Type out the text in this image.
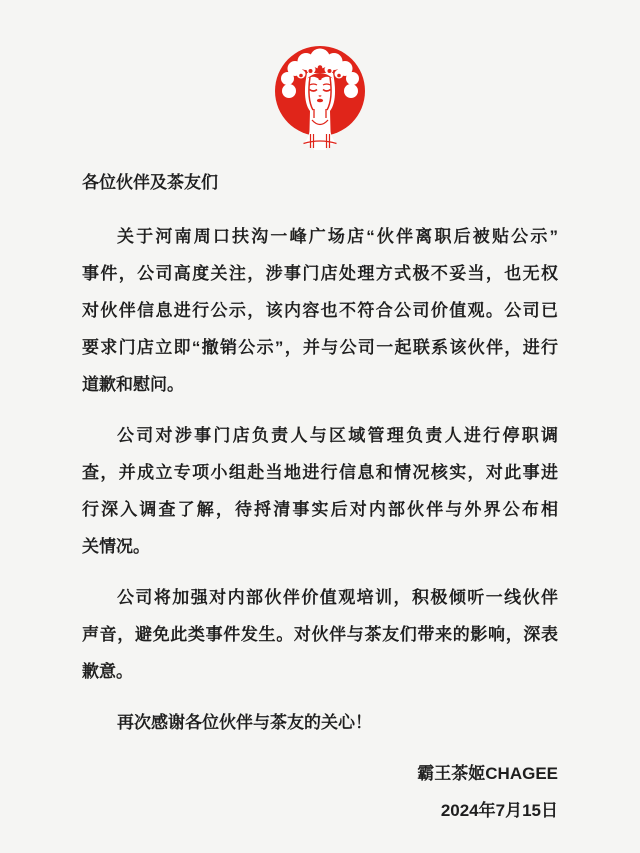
各位伙伴及茶友们
关于河南周口扶沟一峰广场店“伙伴离职后被贴公示”
事件，公司高度关注，涉事门店处理方式极不妥当，也无权
对伙伴信息进行公示，该内容也不符合公司价值观。公司已
要求门店立即“撤销公示”，并与公司一起联系该伙伴，进行
道歉和慰问。
公司对涉事门店负责人与区域管理负责人进行停职调
查，并成立专项小组赴当地进行信息和情况核实，对此事进
行深入调查了解，待捋清事实后对内部伙伴与外界公布相
关情况。
公司将加强对内部伙伴价值观培训，积极倾听一线伙伴
声音，避免此类事件发生。对伙伴与茶友们带来的影响，深表
歉意。
再次感谢各位伙伴与茶友的关心！
霸王茶姬CHAGEE
2024年7月15日
